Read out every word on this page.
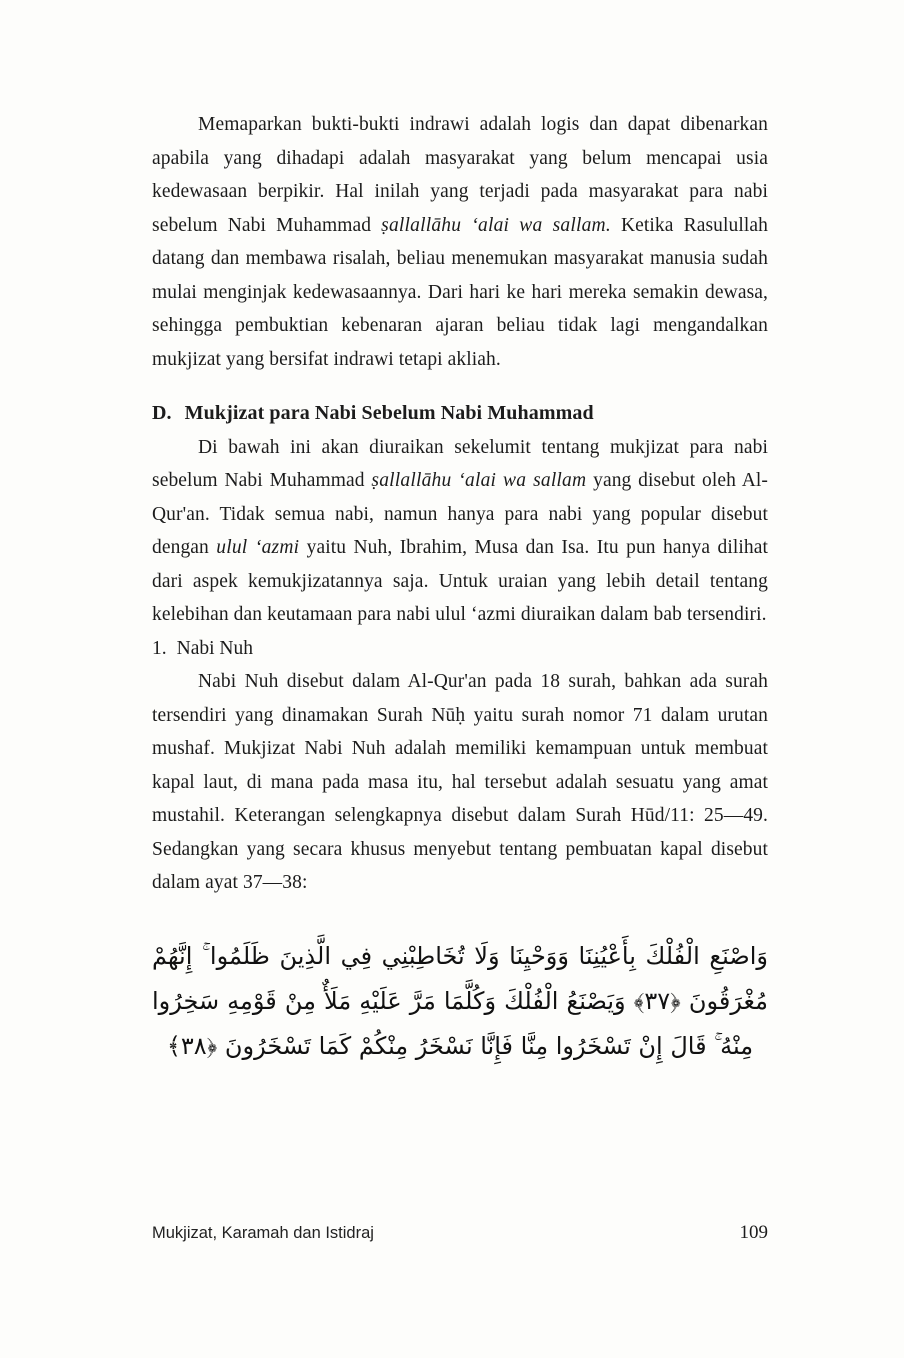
Memaparkan bukti-bukti indrawi adalah logis dan dapat dibenarkan apabila yang dihadapi adalah masyarakat yang belum mencapai usia kedewasaan berpikir. Hal inilah yang terjadi pada masyarakat para nabi sebelum Nabi Muhammad ṣallallāhu ‘alai wa sallam. Ketika Rasulullah datang dan membawa risalah, beliau menemukan masyarakat manusia sudah mulai menginjak kedewasaannya. Dari hari ke hari mereka semakin dewasa, sehingga pembuktian kebenaran ajaran beliau tidak lagi mengandalkan mukjizat yang bersifat indrawi tetapi akliah.

D. Mukjizat para Nabi Sebelum Nabi Muhammad

Di bawah ini akan diuraikan sekelumit tentang mukjizat para nabi sebelum Nabi Muhammad ṣallallāhu ‘alai wa sallam yang disebut oleh Al-Qur'an. Tidak semua nabi, namun hanya para nabi yang popular disebut dengan ulul ‘azmi yaitu Nuh, Ibrahim, Musa dan Isa. Itu pun hanya dilihat dari aspek kemukjizatannya saja. Untuk uraian yang lebih detail tentang kelebihan dan keutamaan para nabi ulul ‘azmi diuraikan dalam bab tersendiri.

1. Nabi Nuh

Nabi Nuh disebut dalam Al-Qur'an pada 18 surah, bahkan ada surah tersendiri yang dinamakan Surah Nūḥ yaitu surah nomor 71 dalam urutan mushaf. Mukjizat Nabi Nuh adalah memiliki kemampuan untuk membuat kapal laut, di mana pada masa itu, hal tersebut adalah sesuatu yang amat mustahil. Keterangan selengkapnya disebut dalam Surah Hūd/11: 25—49. Sedangkan yang secara khusus menyebut tentang pembuatan kapal disebut dalam ayat 37—38:

وَاصْنَعِ الْفُلْكَ بِأَعْيُنِنَا وَوَحْيِنَا وَلَا تُخَاطِبْنِي فِي الَّذِينَ ظَلَمُوا ۚ إِنَّهُمْ مُغْرَقُونَ ﴿٣٧﴾ وَيَصْنَعُ الْفُلْكَ وَكُلَّمَا مَرَّ عَلَيْهِ مَلَأٌ مِنْ قَوْمِهِ سَخِرُوا مِنْهُ ۚ قَالَ إِنْ تَسْخَرُوا مِنَّا فَإِنَّا نَسْخَرُ مِنْكُمْ كَمَا تَسْخَرُونَ ﴿٣٨﴾

Mukjizat, Karamah dan Istidraj	109
